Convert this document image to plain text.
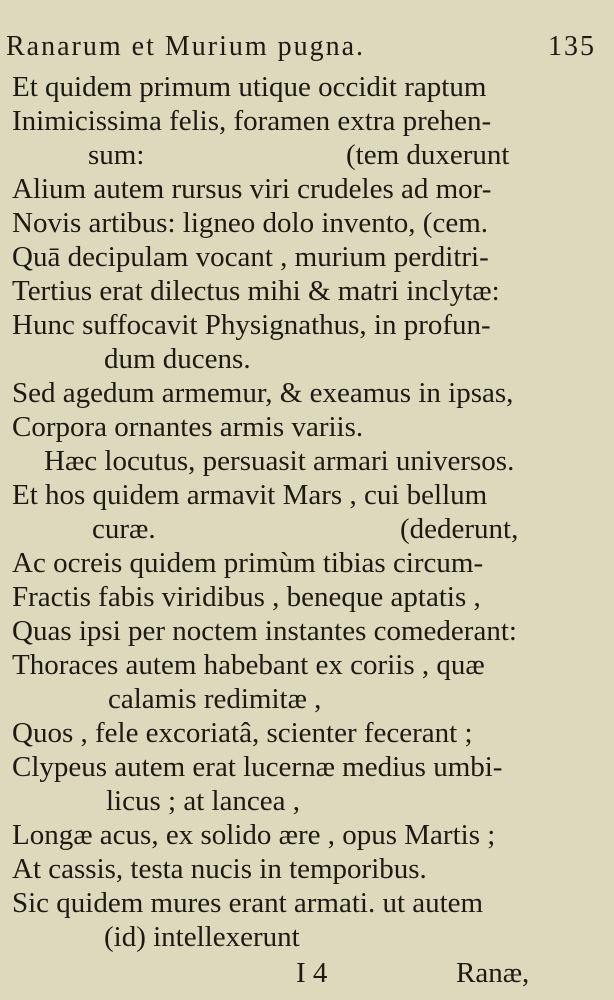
Ranarum et Murium pugna.	135
Et quidem primum utique occidit raptum
Inimicissima felis, foramen extra prehen-
sum:	(tem duxerunt
Alium autem rursus viri crudeles ad mor-
Novis artibus: ligneo dolo invento, (cem.
Quā decipulam vocant , murium perditri-
Tertius erat dilectus mihi & matri inclytæ:
Hunc suffocavit Physignathus, in profun-
dum ducens.
Sed agedum armemur, & exeamus in ipsas,
Corpora ornantes armis variis.
Hæc locutus, persuasit armari universos.
Et hos quidem armavit Mars , cui bellum
curæ.	(dederunt,
Ac ocreis quidem primùm tibias circum-
Fractis fabis viridibus , beneque aptatis ,
Quas ipsi per noctem instantes comederant:
Thoraces autem habebant ex coriis , quæ
calamis redimitæ ,
Quos , fele excoriatâ, scienter fecerant ;
Clypeus autem erat lucernæ medius umbi-
licus ; at lancea ,
Longæ acus, ex solido ære , opus Martis ;
At cassis, testa nucis in temporibus.
Sic quidem mures erant armati. ut autem
(id) intellexerunt
I 4	Ranæ,
